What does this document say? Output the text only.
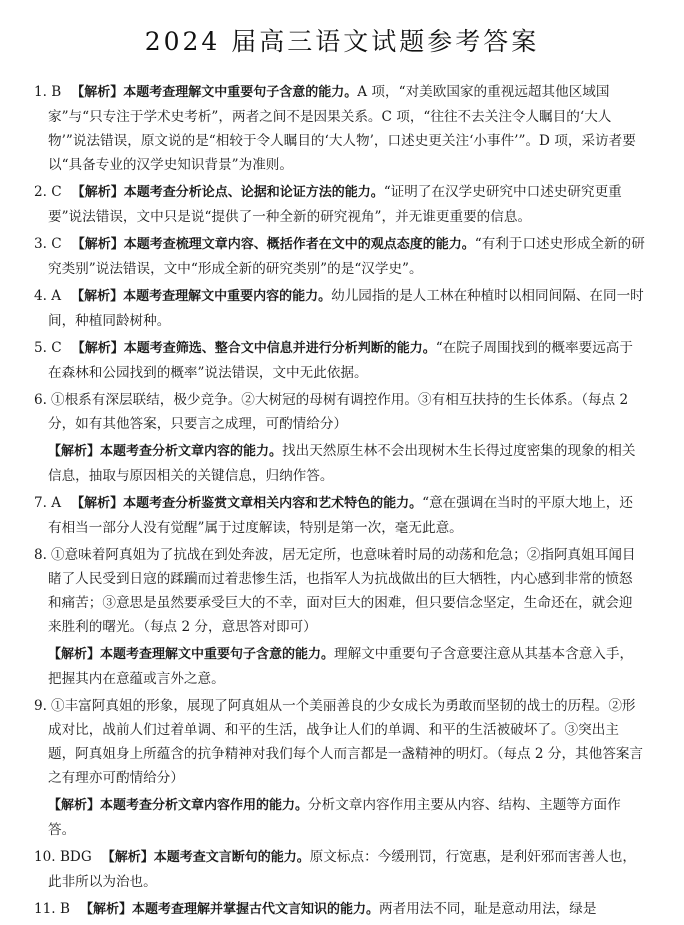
2024 届高三语文试题参考答案

1. B 【解析】本题考查理解文中重要句子含意的能力。A 项，“对美欧国家的重视远超其他区域国家”与“只专注于学术史考析”，两者之间不是因果关系。C 项，“往往不去关注令人瞩目的‘大人物’”说法错误，原文说的是“相较于令人瞩目的‘大人物’，口述史更关注‘小事件’”。D 项，采访者要以“具备专业的汉学史知识背景”为准则。

2. C 【解析】本题考查分析论点、论据和论证方法的能力。“证明了在汉学史研究中口述史研究更重要”说法错误，文中只是说“提供了一种全新的研究视角”，并无谁更重要的信息。

3. C 【解析】本题考查梳理文章内容、概括作者在文中的观点态度的能力。“有利于口述史形成全新的研究类别”说法错误，文中“形成全新的研究类别”的是“汉学史”。

4. A 【解析】本题考查理解文中重要内容的能力。幼儿园指的是人工林在种植时以相同间隔、在同一时间，种植同龄树种。

5. C 【解析】本题考查筛选、整合文中信息并进行分析判断的能力。“在院子周围找到的概率要远高于在森林和公园找到的概率”说法错误，文中无此依据。

6. ①根系有深层联结，极少竞争。②大树冠的母树有调控作用。③有相互扶持的生长体系。（每点 2 分，如有其他答案，只要言之成理，可酌情给分）

【解析】本题考查分析文章内容的能力。找出天然原生林不会出现树木生长得过度密集的现象的相关信息，抽取与原因相关的关键信息，归纳作答。

7. A 【解析】本题考查分析鉴赏文章相关内容和艺术特色的能力。“意在强调在当时的平原大地上，还有相当一部分人没有觉醒”属于过度解读，特别是第一次，毫无此意。

8. ①意味着阿真姐为了抗战在到处奔波，居无定所，也意味着时局的动荡和危急；②指阿真姐耳闻目睹了人民受到日寇的蹂躏而过着悲惨生活，也指军人为抗战做出的巨大牺牲，内心感到非常的愤怒和痛苦；③意思是虽然要承受巨大的不幸，面对巨大的困难，但只要信念坚定，生命还在，就会迎来胜利的曙光。（每点 2 分，意思答对即可）

【解析】本题考查理解文中重要句子含意的能力。理解文中重要句子含意要注意从其基本含意入手，把握其内在意蕴或言外之意。

9. ①丰富阿真姐的形象，展现了阿真姐从一个美丽善良的少女成长为勇敢而坚韧的战士的历程。②形成对比，战前人们过着单调、和平的生活，战争让人们的单调、和平的生活被破坏了。③突出主题，阿真姐身上所蕴含的抗争精神对我们每个人而言都是一盏精神的明灯。（每点 2 分，其他答案言之有理亦可酌情给分）

【解析】本题考查分析文章内容作用的能力。分析文章内容作用主要从内容、结构、主题等方面作答。

10. BDG 【解析】本题考查文言断句的能力。原文标点：今缓刑罚，行宽惠，是利奸邪而害善人也，此非所以为治也。

11. B 【解析】本题考查理解并掌握古代文言知识的能力。两者用法不同，耻是意动用法，绿是
